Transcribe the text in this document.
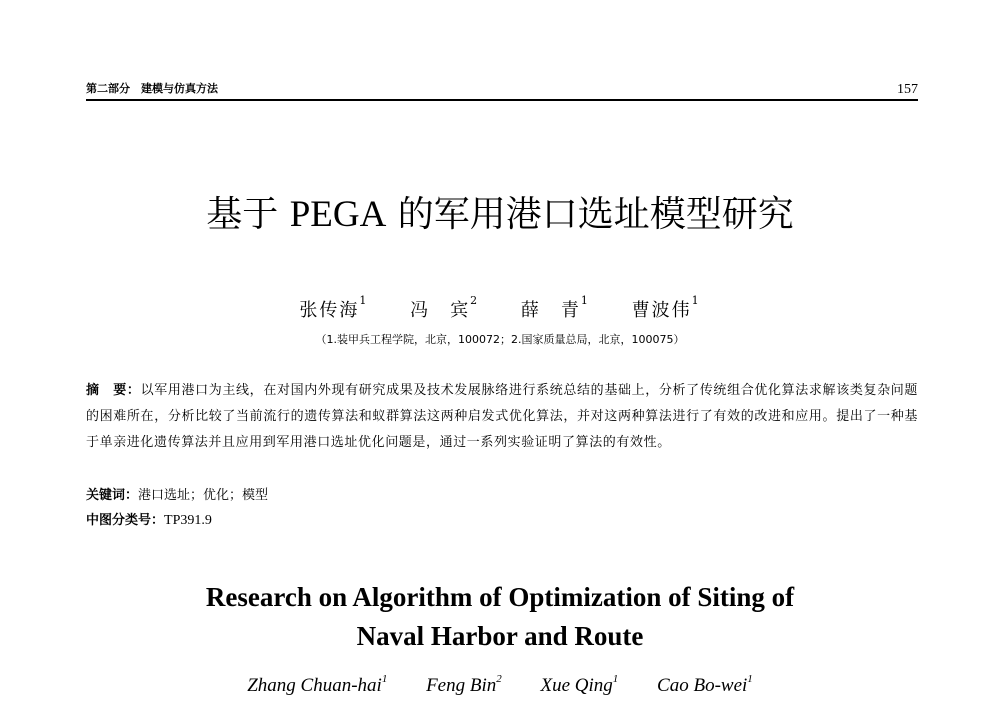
第二部分　建模与仿真方法	157
基于 PEGA 的军用港口选址模型研究
张传海$^1$ 冯　宾$^2$ 薛　青$^1$ 曹波伟$^1$
（1.装甲兵工程学院，北京，100072；2.国家质量总局，北京，100075）

摘　要：以军用港口为主线，在对国内外现有研究成果及技术发展脉络进行系统总结的基础上，分析了传统组合优化算法求解该类复杂问题的困难所在，分析比较了当前流行的遗传算法和蚁群算法这两种启发式优化算法，并对这两种算法进行了有效的改进和应用。提出了一种基于单亲进化遗传算法并且应用到军用港口选址优化问题是，通过一系列实验证明了算法的有效性。

关键词：港口选址；优化；模型
中图分类号：TP391.9
Research on Algorithm of Optimization of Siting of
Naval Harbor and Route
Zhang Chuan-hai$^1$ Feng Bin$^2$ Xue Qing$^1$ Cao Bo-wei$^1$
